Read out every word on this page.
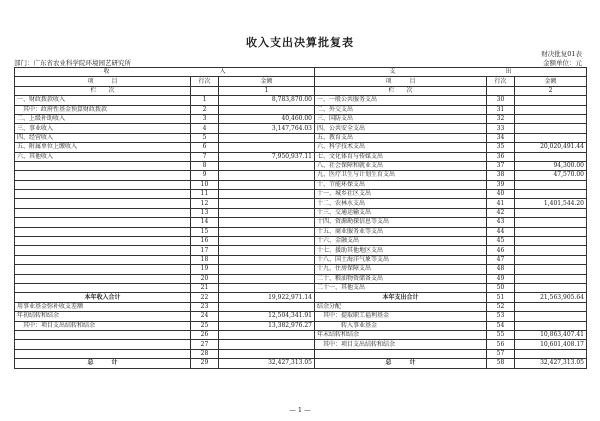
收入支出决算批复表
财决批复01表
金额单位：元
部门：广东省农业科学院环境园艺研究所
收 入			支 出		
项　　　目	行次	金额	项　　　目	行次	金额
栏　　次		1	栏　　次		2
一、财政拨款收入	1	8,783,870.00	一、一般公共服务支出	30	
　其中：政府性基金预算财政拨款	2		二、外交支出	31	
二、上级补助收入	3	40,460.00	三、国防支出	32	
三、事业收入	4	3,147,764.03	四、公共安全支出	33	
四、经营收入	5		五、教育支出	34	
五、附属单位上缴收入	6		六、科学技术支出	35	20,020,491.44
六、其他收入	7	7,950,937.11	七、文化体育与传媒支出	36	
	8		八、社会保障和就业支出	37	94,300.00
	9		九、医疗卫生与计划生育支出	38	47,570.00
	10		十、节能环保支出	39	
	11		十一、城乡社区支出	40	
	12		十二、农林水支出	41	1,401,544.20
	13		十三、交通运输支出	42	
	14		十四、资源勘探信息等支出	43	
	15		十五、商业服务业等支出	44	
	16		十六、金融支出	45	
	17		十七、援助其他地区支出	46	
	18		十八、国土海洋气象等支出	47	
	19		十九、住房保障支出	48	
	20		二十、粮油物资储备支出	49	
	21		二十一、其他支出	50	
本年收入合计	22	19,922,971.14	本年支出合计	51	21,563,905.64
用事业基金弥补收支差额	23		结余分配	52	
年初结转和结余	24	12,504,341.91	　其中：提取职工福利基金	53	
　其中：项目支出结转和结余	25	13,382,976.27	　　　　转入事业基金	54	
	26		年末结转和结余	55	10,863,407.41
	27		　其中：项目支出结转和结余	56	10,601,408.17
	28			57	
总　　　计	29	32,427,313.05	总　　　计	58	32,427,313.05
— 1 —
